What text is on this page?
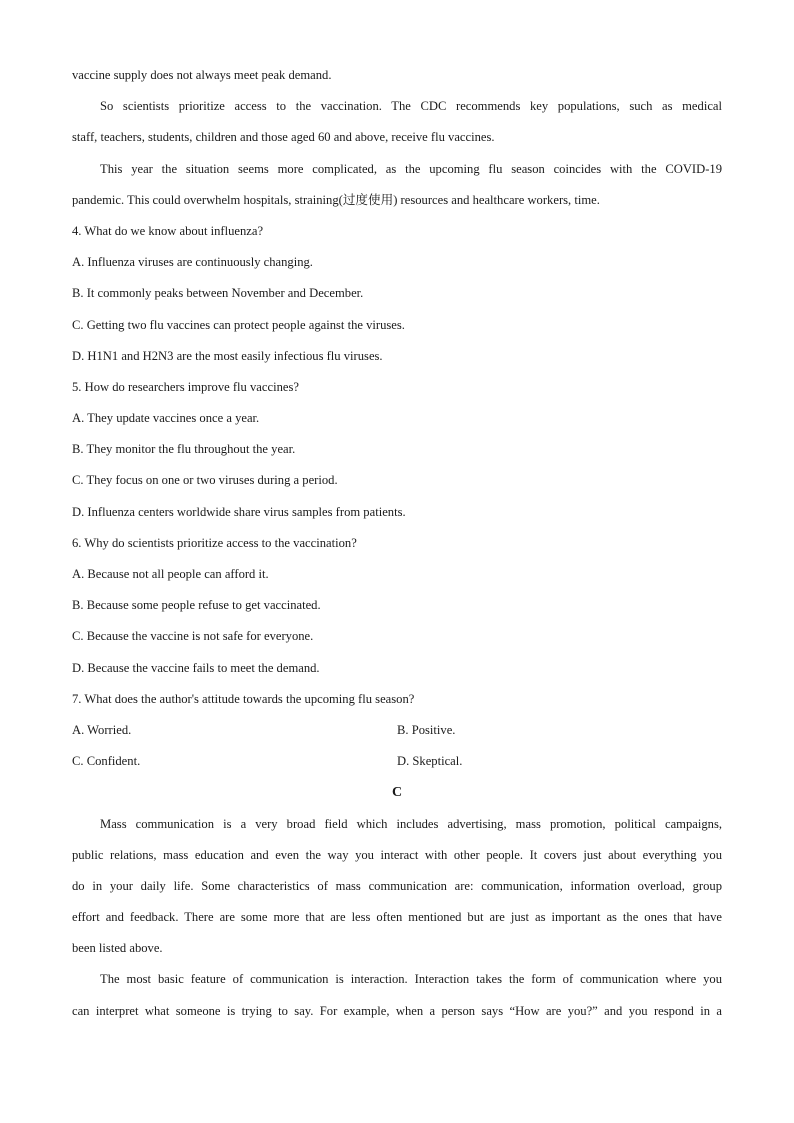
vaccine supply does not always meet peak demand.
So scientists prioritize access to the vaccination. The CDC recommends key populations, such as medical
staff, teachers, students, children and those aged 60 and above, receive flu vaccines.
This year the situation seems more complicated, as the upcoming flu season coincides with the COVID-19
pandemic. This could overwhelm hospitals, straining(过度使用) resources and healthcare workers, time.
4. What do we know about influenza?
A. Influenza viruses are continuously changing.
B. It commonly peaks between November and December.
C. Getting two flu vaccines can protect people against the viruses.
D. H1N1 and H2N3 are the most easily infectious flu viruses.
5. How do researchers improve flu vaccines?
A. They update vaccines once a year.
B. They monitor the flu throughout the year.
C. They focus on one or two viruses during a period.
D. Influenza centers worldwide share virus samples from patients.
6. Why do scientists prioritize access to the vaccination?
A. Because not all people can afford it.
B. Because some people refuse to get vaccinated.
C. Because the vaccine is not safe for everyone.
D. Because the vaccine fails to meet the demand.
7. What does the author's attitude towards the upcoming flu season?
A. Worried.	B. Positive.
C. Confident.	D. Skeptical.
C
Mass communication is a very broad field which includes advertising, mass promotion, political campaigns,
public relations, mass education and even the way you interact with other people. It covers just about everything you
do in your daily life. Some characteristics of mass communication are: communication, information overload, group
effort and feedback. There are some more that are less often mentioned but are just as important as the ones that have
been listed above.
The most basic feature of communication is interaction. Interaction takes the form of communication where you
can interpret what someone is trying to say. For example, when a person says “How are you?” and you respond in a
